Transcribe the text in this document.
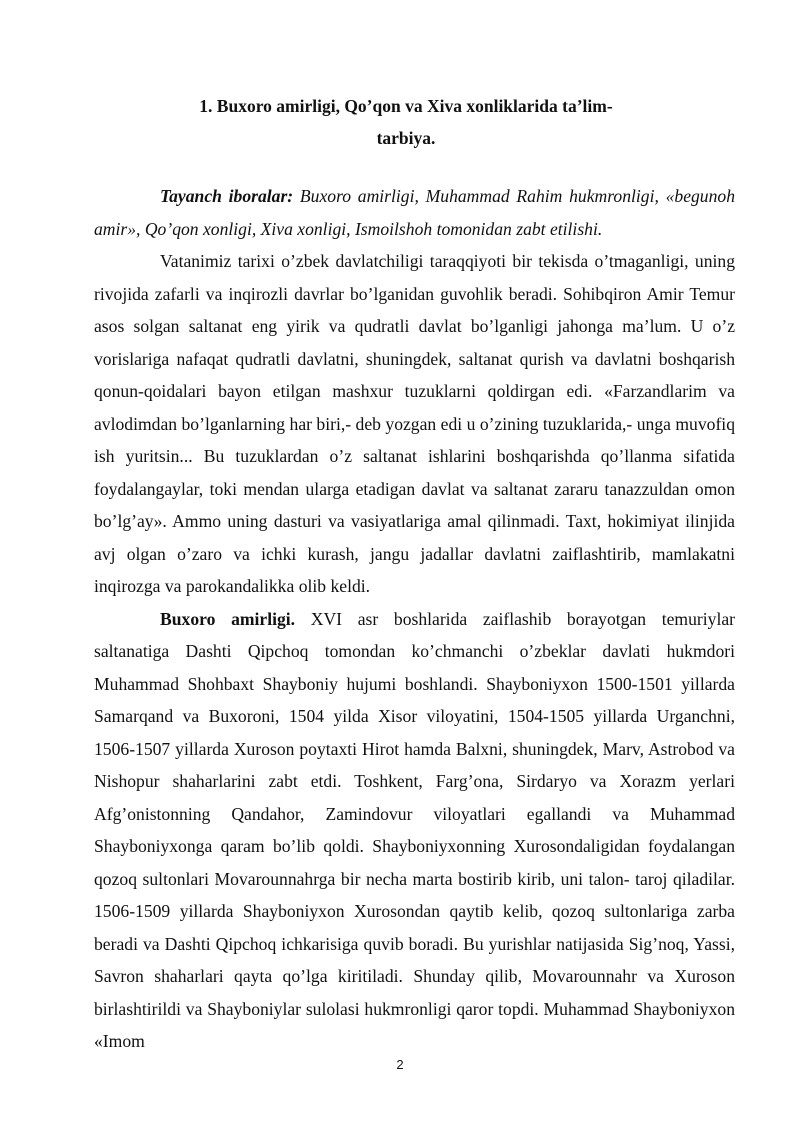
1. Buxoro amirligi, Qo’qon va Xiva xonliklarida ta’lim-
tarbiya.

Tayanch iboralar: Buxoro amirligi, Muhammad Rahim hukmronligi, «begunoh amir», Qo’qon xonligi, Xiva xonligi, Ismoilshoh tomonidan zabt etilishi.

Vatanimiz tarixi o’zbek davlatchiligi taraqqiyoti bir tekisda o’tmaganligi, uning rivojida zafarli va inqirozli davrlar bo’lganidan guvohlik beradi. Sohibqiron Amir Temur asos solgan saltanat eng yirik va qudratli davlat bo’lganligi jahonga ma’lum. U o’z vorislariga nafaqat qudratli davlatni, shuningdek, saltanat qurish va davlatni boshqarish qonun-qoidalari bayon etilgan mashxur tuzuklarni qoldirgan edi. «Farzandlarim va avlodimdan bo’lganlarning har biri,- deb yozgan edi u o’zining tuzuklarida,- unga muvofiq ish yuritsin... Bu tuzuklardan o’z saltanat ishlarini boshqarishda qo’llanma sifatida foydalangaylar, toki mendan ularga etadigan davlat va saltanat zararu tanazzuldan omon bo’lg’ay». Ammo uning dasturi va vasiyatlariga amal qilinmadi. Taxt, hokimiyat ilinjida avj olgan o’zaro va ichki kurash, jangu jadallar davlatni zaiflashtirib, mamlakatni inqirozga va parokandalikka olib keldi.

Buxoro amirligi. XVI asr boshlarida zaiflashib borayotgan temuriylar saltanatiga Dashti Qipchoq tomondan ko’chmanchi o’zbeklar davlati hukmdori Muhammad Shohbaxt Shayboniy hujumi boshlandi. Shayboniyxon 1500-1501 yillarda Samarqand va Buxoroni, 1504 yilda Xisor viloyatini, 1504-1505 yillarda Urganchni, 1506-1507 yillarda Xuroson poytaxti Hirot hamda Balxni, shuningdek, Marv, Astrobod va Nishopur shaharlarini zabt etdi. Toshkent, Farg’ona, Sirdaryo va Xorazm yerlari Afg’onistonning Qandahor, Zamindovur viloyatlari egallandi va Muhammad Shayboniyxonga qaram bo’lib qoldi. Shayboniyxonning Xurosondaligidan foydalangan qozoq sultonlari Movarounnahrga bir necha marta bostirib kirib, uni talon- taroj qiladilar. 1506-1509 yillarda Shayboniyxon Xurosondan qaytib kelib, qozoq sultonlariga zarba beradi va Dashti Qipchoq ichkarisiga quvib boradi. Bu yurishlar natijasida Sig’noq, Yassi, Savron shaharlari qayta qo’lga kiritiladi. Shunday qilib, Movarounnahr va Xuroson birlashtirildi va Shayboniylar sulolasi hukmronligi qaror topdi. Muhammad Shayboniyxon «Imom

2
